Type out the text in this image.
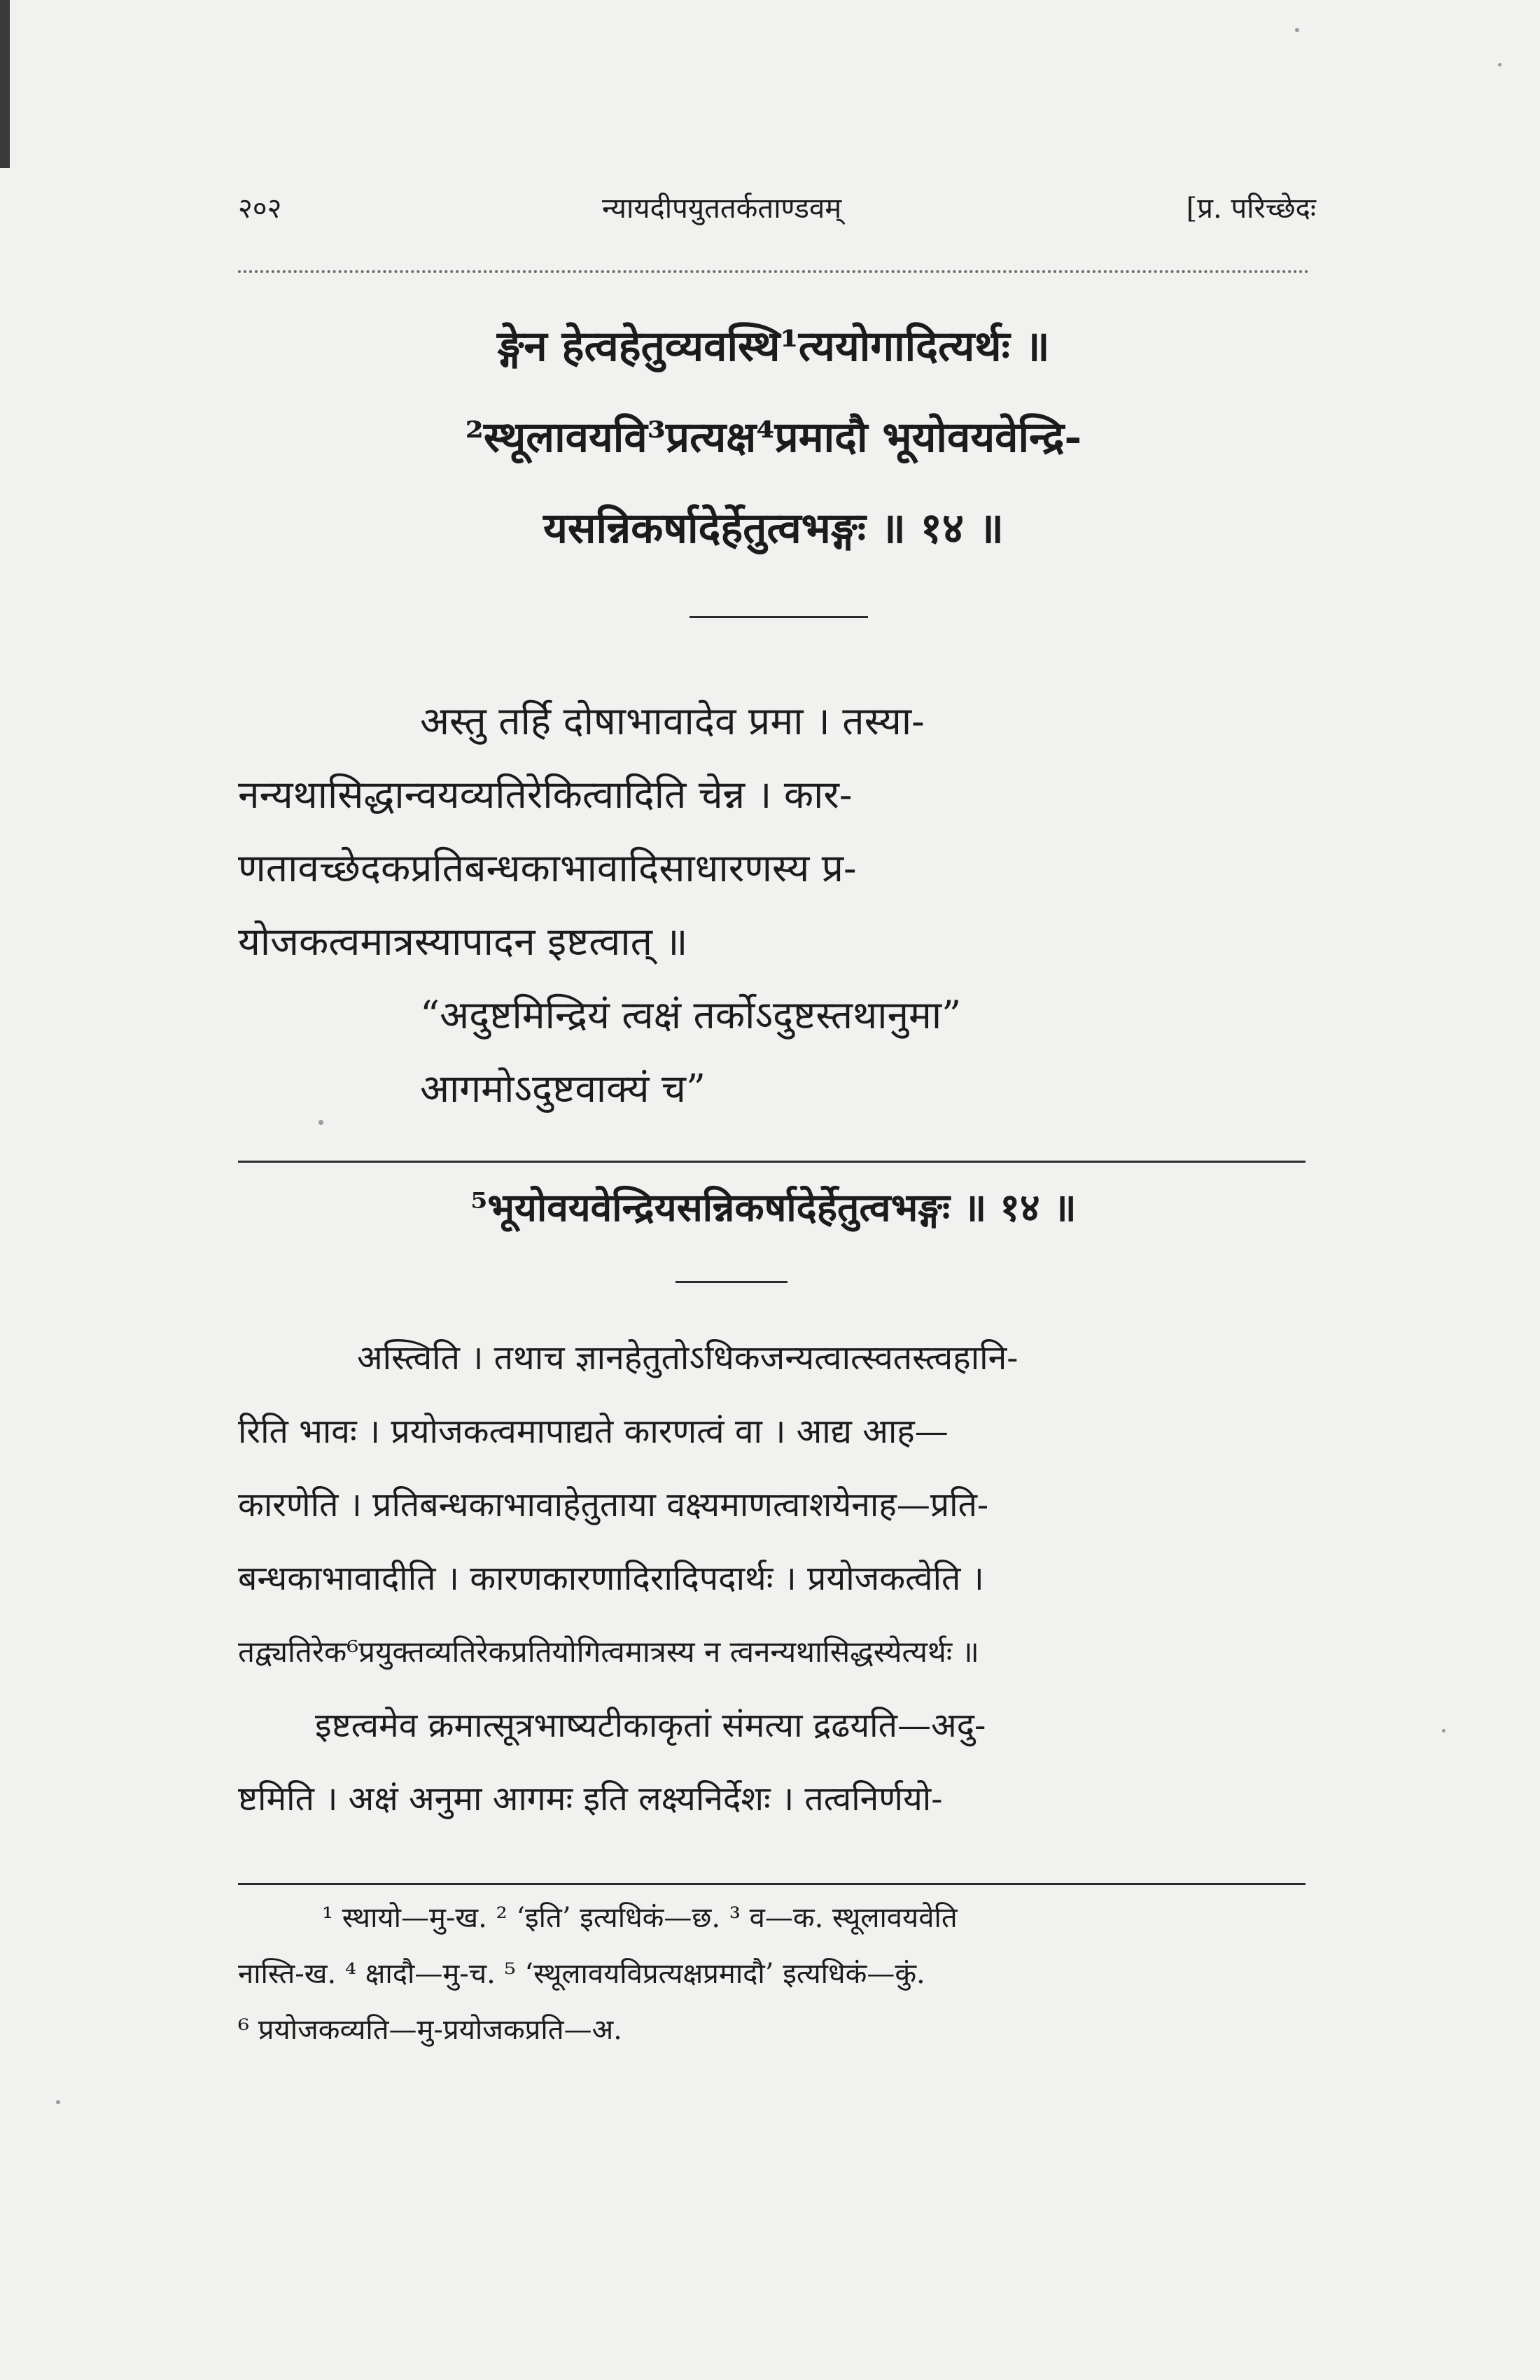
२०२	न्यायदीपयुततर्कताण्डवम्	[प्र. परिच्छेदः
ङ्गेन हेत्वहेतुव्यवस्थि¹त्ययोगादित्यर्थः ॥
²स्थूलावयवि³प्रत्यक्ष⁴प्रमादौ भूयोवयवेन्द्रि-
यसन्निकर्षादेर्हेतुत्वभङ्गः ॥ १४ ॥
अस्तु तर्हि दोषाभावादेव प्रमा । तस्या-
नन्यथासिद्धान्वयव्यतिरेकित्वादिति चेन्न । कार-
णतावच्छेदकप्रतिबन्धकाभावादिसाधारणस्य प्र-
योजकत्वमात्रस्यापादन इष्टत्वात् ॥
“अदुष्टमिन्द्रियं त्वक्षं तर्कोऽदुष्टस्तथानुमा”
आगमोऽदुष्टवाक्यं च”
⁵भूयोवयवेन्द्रियसन्निकर्षादेर्हेतुत्वभङ्गः ॥ १४ ॥
अस्त्विति । तथाच ज्ञानहेतुतोऽधिकजन्यत्वात्स्वतस्त्वहानि-
रिति भावः । प्रयोजकत्वमापाद्यते कारणत्वं वा । आद्य आह—
कारणेति । प्रतिबन्धकाभावाहेतुताया वक्ष्यमाणत्वाशयेनाह—प्रति-
बन्धकाभावादीति । कारणकारणादिरादिपदार्थः । प्रयोजकत्वेति ।
तद्व्यतिरेक⁶प्रयुक्तव्यतिरेकप्रतियोगित्वमात्रस्य न त्वनन्यथासिद्धस्येत्यर्थः ॥
इष्टत्वमेव क्रमात्सूत्रभाष्यटीकाकृतां संमत्या द्रढयति—अदु-
ष्टमिति । अक्षं अनुमा आगमः इति लक्ष्यनिर्देशः । तत्वनिर्णयो-
¹ स्थायो—मु-ख. ² ‘इति’ इत्यधिकं—छ. ³ व—क. स्थूलावयवेति
नास्ति-ख. ⁴ क्षादौ—मु-च. ⁵ ‘स्थूलावयविप्रत्यक्षप्रमादौ’ इत्यधिकं—कुं.
⁶ प्रयोजकव्यति—मु-प्रयोजकप्रति—अ.
